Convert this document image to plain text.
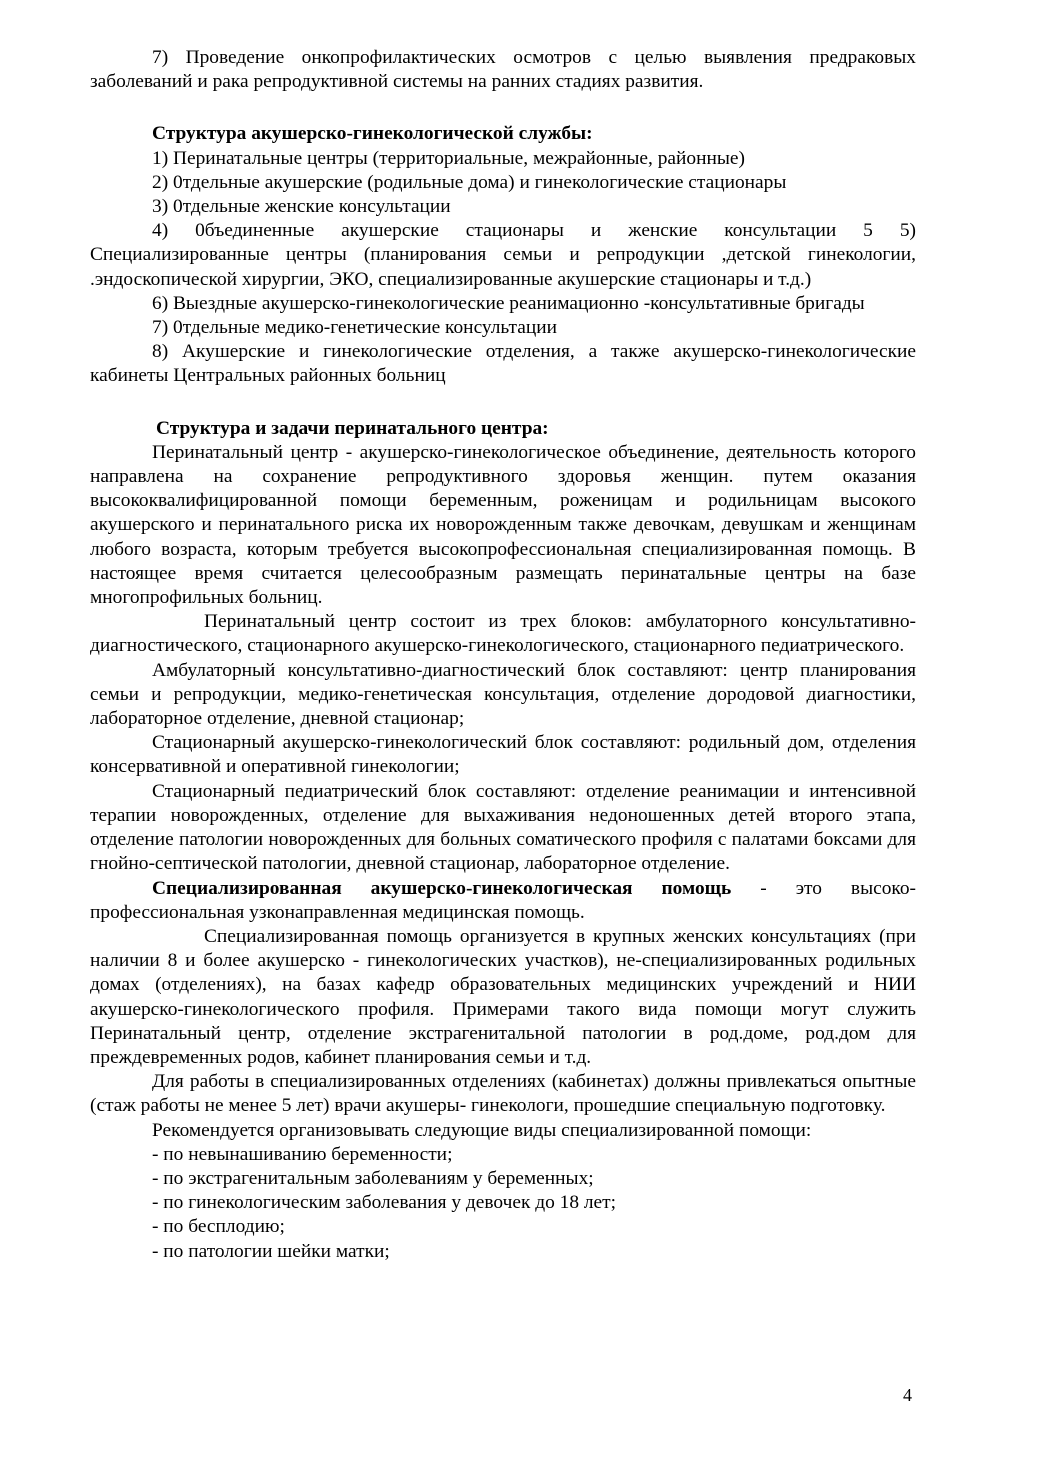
7) Проведение онкопрофилактических осмотров с целью выявления предраковых заболеваний и рака репродуктивной системы на ранних стадиях развития.

Структура акушерско-гинекологической службы:

1) Перинатальные центры (территориальные, межрайонные, районные)

2) 0тдельные акушерские (родильные дома) и гинекологические стационары

3) 0тдельные женские консультации

4) 0бъединенные акушерские стационары и женские консультации 5 5) Специализированные центры (планирования семьи и репродукции ,детской гинекологии, .эндоскопической хирургии, ЭКО, специализированные акушерские стационары и т.д.)

6) Выездные акушерско-гинекологические реанимационно -консультативные бригады

7) 0тдельные медико-генетические консультации

8) Акушерские и гинекологические отделения, а также акушерско-гинекологические кабинеты Центральных районных больниц

Структура и задачи перинатального центра:

Перинатальный центр - акушерско-гинекологическое объединение, деятельность которого направлена на сохранение репродуктивного здоровья женщин. путем оказания высококвалифицированной помощи беременным, роженицам и родильницам высокого акушерского и перинатального риска их новорожденным также девочкам, девушкам и женщинам любого возраста, которым требуется высокопрофессиональная специализированная помощь. В настоящее время считается целесообразным размещать перинатальные центры на базе многопрофильных больниц.

Перинатальный центр состоит из трех блоков: амбулаторного консультативно-диагностического, стационарного акушерско-гинекологического, стационарного педиатрического.

Амбулаторный консультативно-диагностический блок составляют: центр планирования семьи и репродукции, медико-генетическая консультация, отделение дородовой диагностики, лабораторное отделение, дневной стационар;

Стационарный акушерско-гинекологический блок составляют: родильный дом, отделения консервативной и оперативной гинекологии;

Стационарный педиатрический блок составляют: отделение реанимации и интенсивной терапии новорожденных, отделение для выхаживания недоношенных детей второго этапа, отделение патологии новорожденных для больных соматического профиля с палатами боксами для гнойно-септической патологии, дневной стационар, лабораторное отделение.

Специализированная акушерско-гинекологическая помощь - это высоко-профессиональная узконаправленная медицинская помощь.

Специализированная помощь организуется в крупных женских консультациях (при наличии 8 и более акушерско - гинекологических участков), не-специализированных родильных домах (отделениях), на базах кафедр образовательных медицинских учреждений и НИИ акушерско-гинекологического профиля. Примерами такого вида помощи могут служить Перинатальный центр, отделение экстрагенитальной патологии в род.доме, род.дом для преждевременных родов, кабинет планирования семьи и т.д.

Для работы в специализированных отделениях (кабинетах) должны привлекаться опытные (стаж работы не менее 5 лет) врачи акушеры- гинекологи, прошедшие специальную подготовку.

Рекомендуется организовывать следующие виды специализированной помощи:

- по невынашиванию беременности;

- по экстрагенитальным заболеваниям у беременных;

- по гинекологическим заболевания у девочек до 18 лет;

- по бесплодию;

- по патологии шейки матки;

4
